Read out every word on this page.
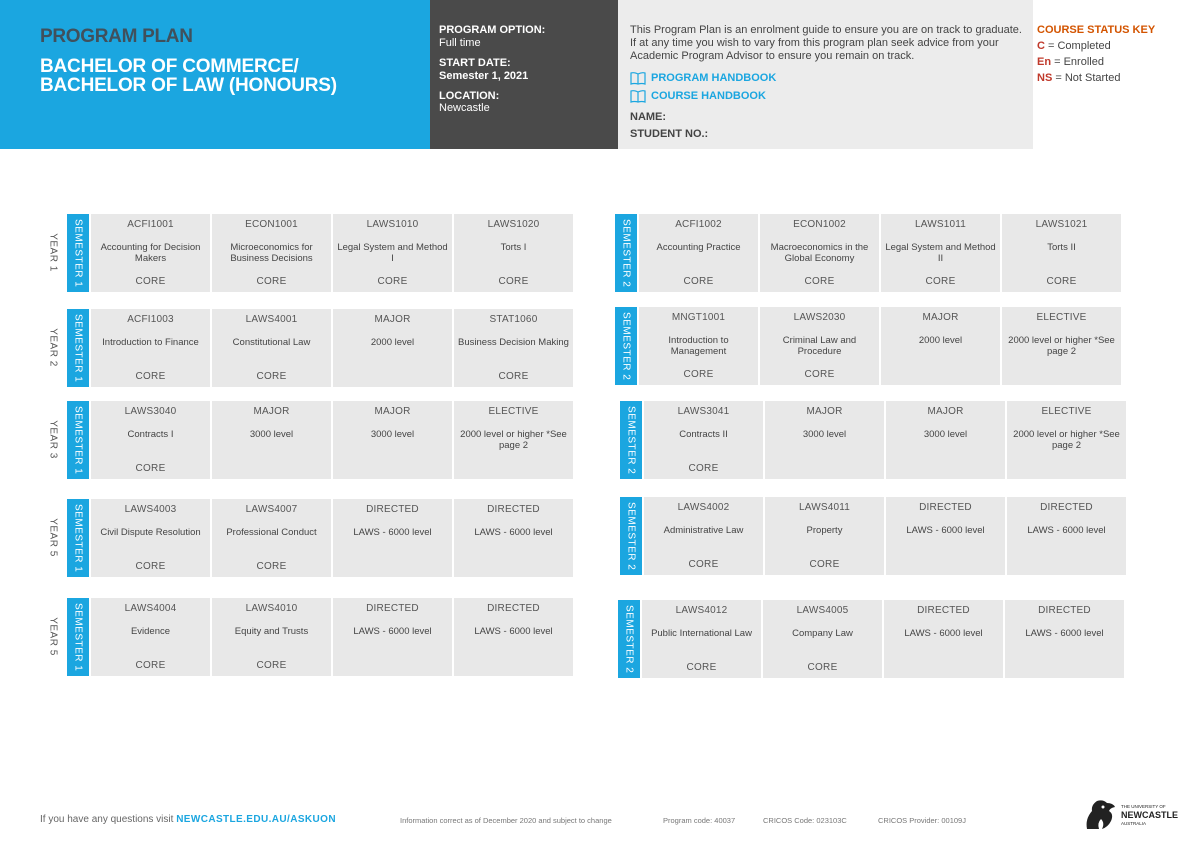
PROGRAM PLAN
BACHELOR OF COMMERCE/
BACHELOR OF LAW (HONOURS)
PROGRAM OPTION:
Full time
START DATE:
Semester 1, 2021
LOCATION:
Newcastle
This Program Plan is an enrolment guide to ensure you are on track to graduate. If at any time you wish to vary from this program plan seek advice from your Academic Program Advisor to ensure you remain on track.
PROGRAM HANDBOOK
COURSE HANDBOOK
NAME:
STUDENT NO.:
COURSE STATUS KEY
C = Completed
En = Enrolled
NS = Not Started
YEAR 1 SEMESTER 1	ACFI1001
Accounting for Decision Makers
CORE
ECON1001
Microeconomics for Business Decisions
CORE
LAWS1010
Legal System and Method I
CORE
LAWS1020
Torts I
CORE	SEMESTER 2	ACFI1002
Accounting Practice
CORE
ECON1002
Macroeconomics in the Global Economy
CORE
LAWS1011
Legal System and Method II
CORE
LAWS1021
Torts II
CORE
YEAR 2 SEMESTER 1	ACFI1003
Introduction to Finance
CORE
LAWS4001
Constitutional Law
CORE
MAJOR
2000 level
STAT1060
Business Decision Making
CORE	SEMESTER 2	MNGT1001
Introduction to Management
CORE
LAWS2030
Criminal Law and Procedure
CORE
MAJOR
2000 level
ELECTIVE
2000 level or higher *See page 2
YEAR 3 SEMESTER 1	LAWS3040
Contracts I
CORE
MAJOR
3000 level
MAJOR
3000 level
ELECTIVE
2000 level or higher *See page 2	SEMESTER 2	LAWS3041
Contracts II
CORE
MAJOR
3000 level
MAJOR
3000 level
ELECTIVE
2000 level or higher *See page 2
YEAR 5 SEMESTER 1	LAWS4003
Civil Dispute Resolution
CORE
LAWS4007
Professional Conduct
CORE
DIRECTED
LAWS - 6000 level
DIRECTED
LAWS - 6000 level	SEMESTER 2	LAWS4002
Administrative Law
CORE
LAWS4011
Property
CORE
DIRECTED
LAWS - 6000 level
DIRECTED
LAWS - 6000 level
YEAR 5 SEMESTER 1	LAWS4004
Evidence
CORE
LAWS4010
Equity and Trusts
CORE
DIRECTED
LAWS - 6000 level
DIRECTED
LAWS - 6000 level	SEMESTER 2	LAWS4012
Public International Law
CORE
LAWS4005
Company Law
CORE
DIRECTED
LAWS - 6000 level
DIRECTED
LAWS - 6000 level
If you have any questions visit NEWCASTLE.EDU.AU/ASKUON	Information correct as of December 2020 and subject to change	Program code: 40037	CRICOS Code: 023103C	CRICOS Provider: 00109J
THE UNIVERSITY OF
NEWCASTLE
AUSTRALIA
